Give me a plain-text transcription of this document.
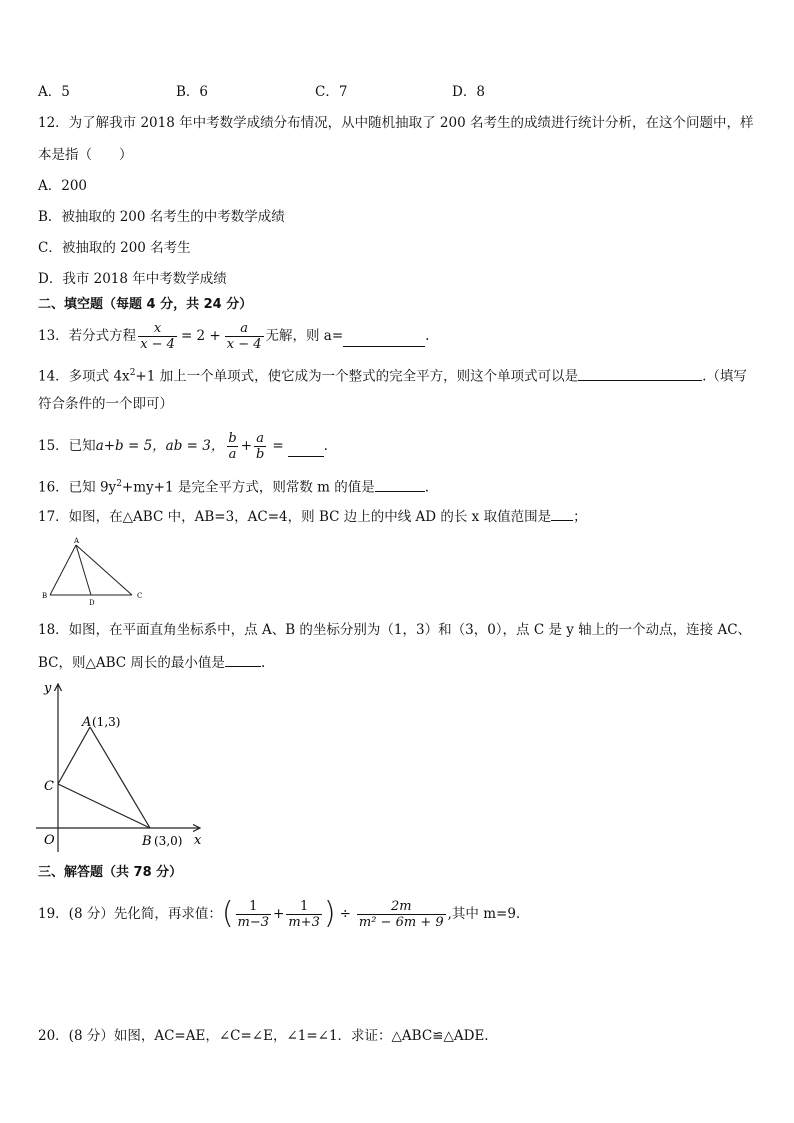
A．5	B．6	C．7	D．8
12．为了解我市 2018 年中考数学成绩分布情况，从中随机抽取了 200 名考生的成绩进行统计分析，在这个问题中，样
本是指（　　）
A．200
B．被抽取的 200 名考生的中考数学成绩
C．被抽取的 200 名考生
D．我市 2018 年中考数学成绩
二、填空题（每题 4 分，共 24 分）
13．若分式方程 $\frac{x}{x - 4} = 2 + \frac{a}{x - 4}$ 无解，则 a=	.
14．多项式 $4x^2+1$ 加上一个单项式，使它成为一个整式的完全平方，则这个单项式可以是	.（填写
符合条件的一个即可）
15．已知 a+b = 5，ab = 3， $\frac{b}{a} + \frac{a}{b}$ =	.
16．已知 $9y^2+my+1$ 是完全平方式，则常数 m 的值是	.
17．如图，在△ABC 中，AB=3，AC=4，则 BC 边上的中线 AD 的长 x 取值范围是 ；
A
B
D
C
18．如图，在平面直角坐标系中，点 A、B 的坐标分别为（1，3）和（3，0），点 C 是 y 轴上的一个动点，连接 AC、
BC，则△ABC 周长的最小值是	.
y
x
A (1,3)
B (3,0)
C
O
三、解答题（共 78 分）
19．(8 分）先化简，再求值： ( $\frac{1}{m-3} + \frac{1}{m+3}$ ) ÷ $\frac{2m}{\text{m² − 6m + 9}}$ ,其中 m=9.
20．(8 分）如图，AC=AE，∠C=∠E，∠1=∠1．求证：△ABC≌△ADE.
